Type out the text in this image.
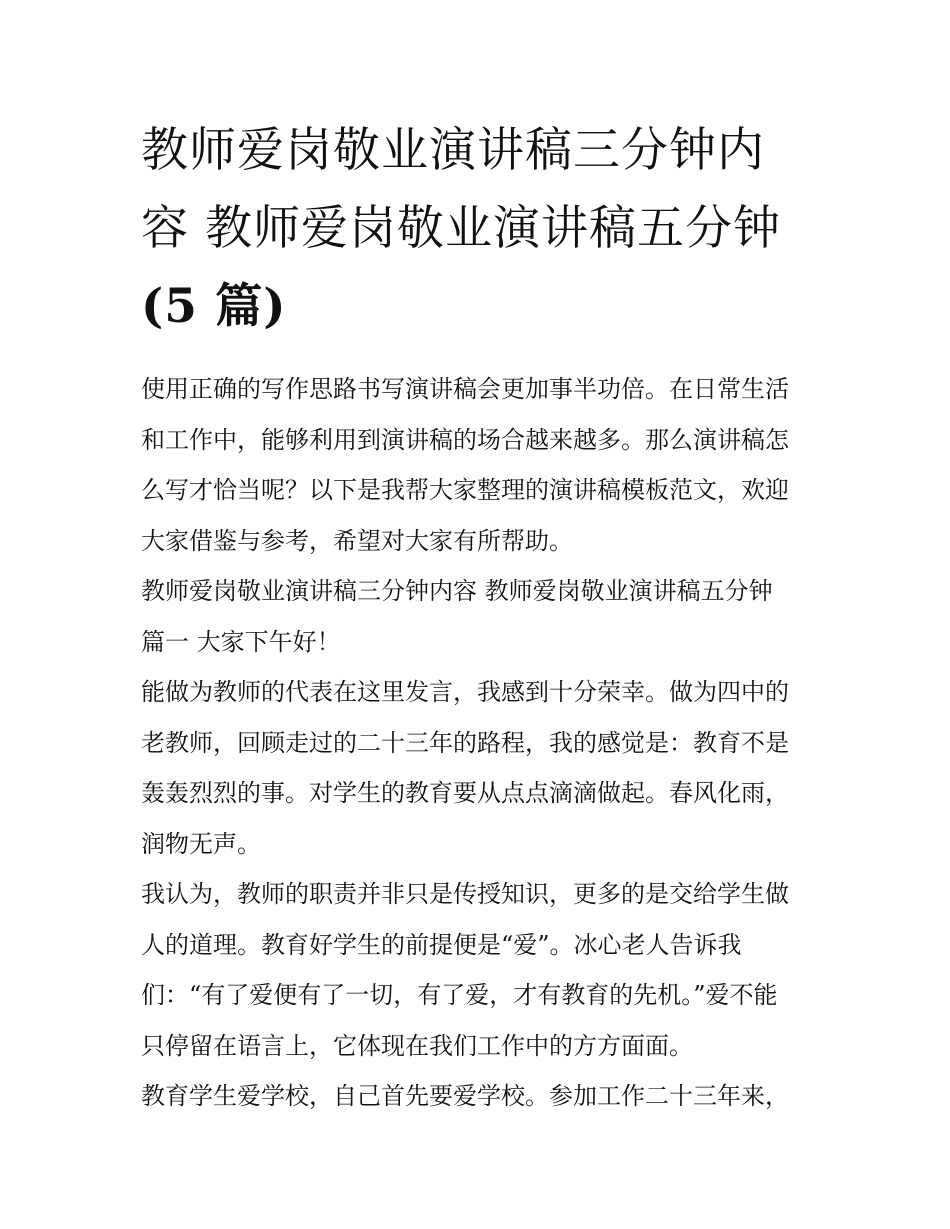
教师爱岗敬业演讲稿三分钟内
容 教师爱岗敬业演讲稿五分钟
(5 篇)
使用正确的写作思路书写演讲稿会更加事半功倍。在日常生活
和工作中，能够利用到演讲稿的场合越来越多。那么演讲稿怎
么写才恰当呢？以下是我帮大家整理的演讲稿模板范文，欢迎
大家借鉴与参考，希望对大家有所帮助。
教师爱岗敬业演讲稿三分钟内容 教师爱岗敬业演讲稿五分钟
篇一 大家下午好！
能做为教师的代表在这里发言，我感到十分荣幸。做为四中的
老教师，回顾走过的二十三年的路程，我的感觉是：教育不是
轰轰烈烈的事。对学生的教育要从点点滴滴做起。春风化雨，
润物无声。
我认为，教师的职责并非只是传授知识，更多的是交给学生做
人的道理。教育好学生的前提便是“爱”。冰心老人告诉我
们：“有了爱便有了一切，有了爱，才有教育的先机。”爱不能
只停留在语言上，它体现在我们工作中的方方面面。
教育学生爱学校，自己首先要爱学校。参加工作二十三年来，
